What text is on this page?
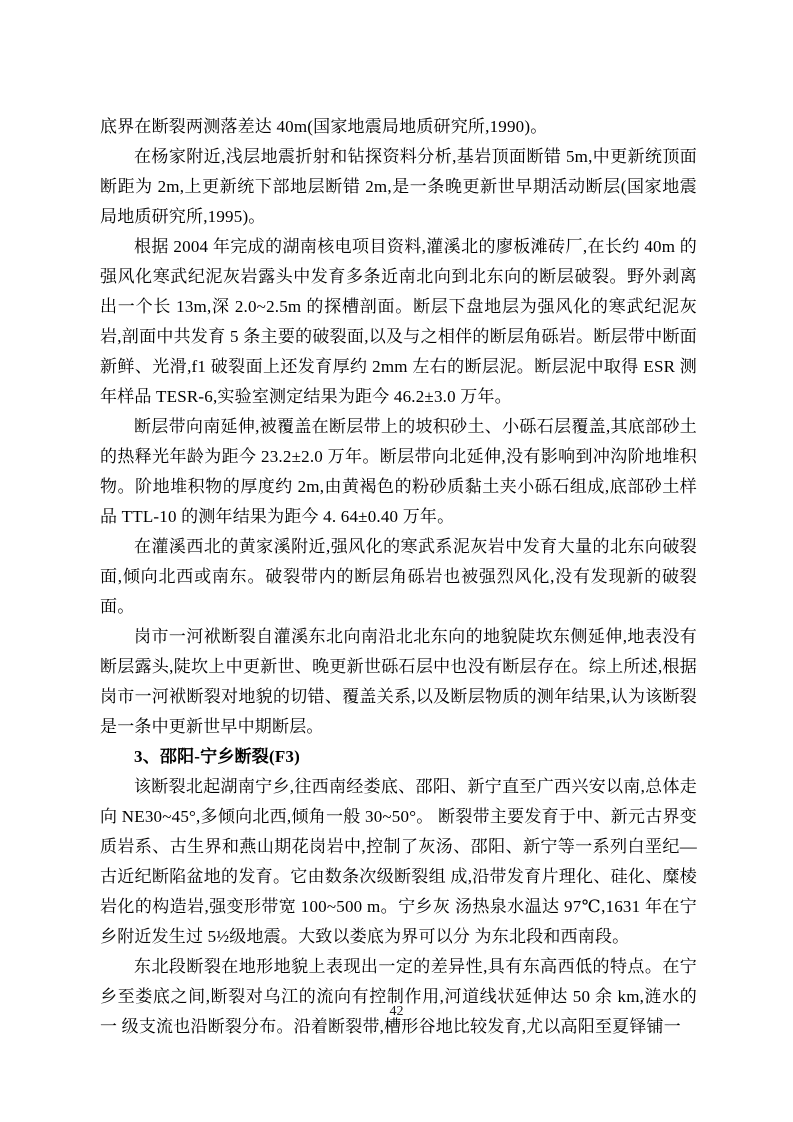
底界在断裂两测落差达 40m(国家地震局地质研究所,1990)。

在杨家附近,浅层地震折射和钻探资料分析,基岩顶面断错 5m,中更新统顶面断距为 2m,上更新统下部地层断错 2m,是一条晚更新世早期活动断层(国家地震局地质研究所,1995)。

根据 2004 年完成的湖南核电项目资料,灌溪北的廖板滩砖厂,在长约 40m 的强风化寒武纪泥灰岩露头中发育多条近南北向到北东向的断层破裂。野外剥离出一个长 13m,深 2.0~2.5m 的探槽剖面。断层下盘地层为强风化的寒武纪泥灰岩,剖面中共发育 5 条主要的破裂面,以及与之相伴的断层角砾岩。断层带中断面新鲜、光滑,f1 破裂面上还发育厚约 2mm 左右的断层泥。断层泥中取得 ESR 测年样品 TESR-6,实验室测定结果为距今 46.2±3.0 万年。

断层带向南延伸,被覆盖在断层带上的坡积砂土、小砾石层覆盖,其底部砂土的热释光年龄为距今 23.2±2.0 万年。断层带向北延伸,没有影响到冲沟阶地堆积物。阶地堆积物的厚度约 2m,由黄褐色的粉砂质黏土夹小砾石组成,底部砂土样品 TTL-10 的测年结果为距今 4. 64±0.40 万年。

在灌溪西北的黄家溪附近,强风化的寒武系泥灰岩中发育大量的北东向破裂面,倾向北西或南东。破裂带内的断层角砾岩也被强烈风化,没有发现新的破裂面。

岗市一河袱断裂自灌溪东北向南沿北北东向的地貌陡坎东侧延伸,地表没有断层露头,陡坎上中更新世、晚更新世砾石层中也没有断层存在。综上所述,根据岗市一河袱断裂对地貌的切错、覆盖关系,以及断层物质的测年结果,认为该断裂是一条中更新世早中期断层。

3、邵阳-宁乡断裂(F3)

该断裂北起湖南宁乡,往西南经娄底、邵阳、新宁直至广西兴安以南,总体走向 NE30~45°,多倾向北西,倾角一般 30~50°。 断裂带主要发育于中、新元古界变质岩系、古生界和燕山期花岗岩中,控制了灰汤、邵阳、新宁等一系列白垩纪—古近纪断陷盆地的发育。它由数条次级断裂组 成,沿带发育片理化、硅化、糜棱岩化的构造岩,强变形带宽 100~500 m。宁乡灰 汤热泉水温达 97℃,1631 年在宁乡附近发生过 5½级地震。大致以娄底为界可以分 为东北段和西南段。

东北段断裂在地形地貌上表现出一定的差异性,具有东高西低的特点。在宁乡至娄底之间,断裂对乌江的流向有控制作用,河道线状延伸达 50 余 km,涟水的一 级支流也沿断裂分布。沿着断裂带,槽形谷地比较发育,尤以高阳至夏铎铺一

42
